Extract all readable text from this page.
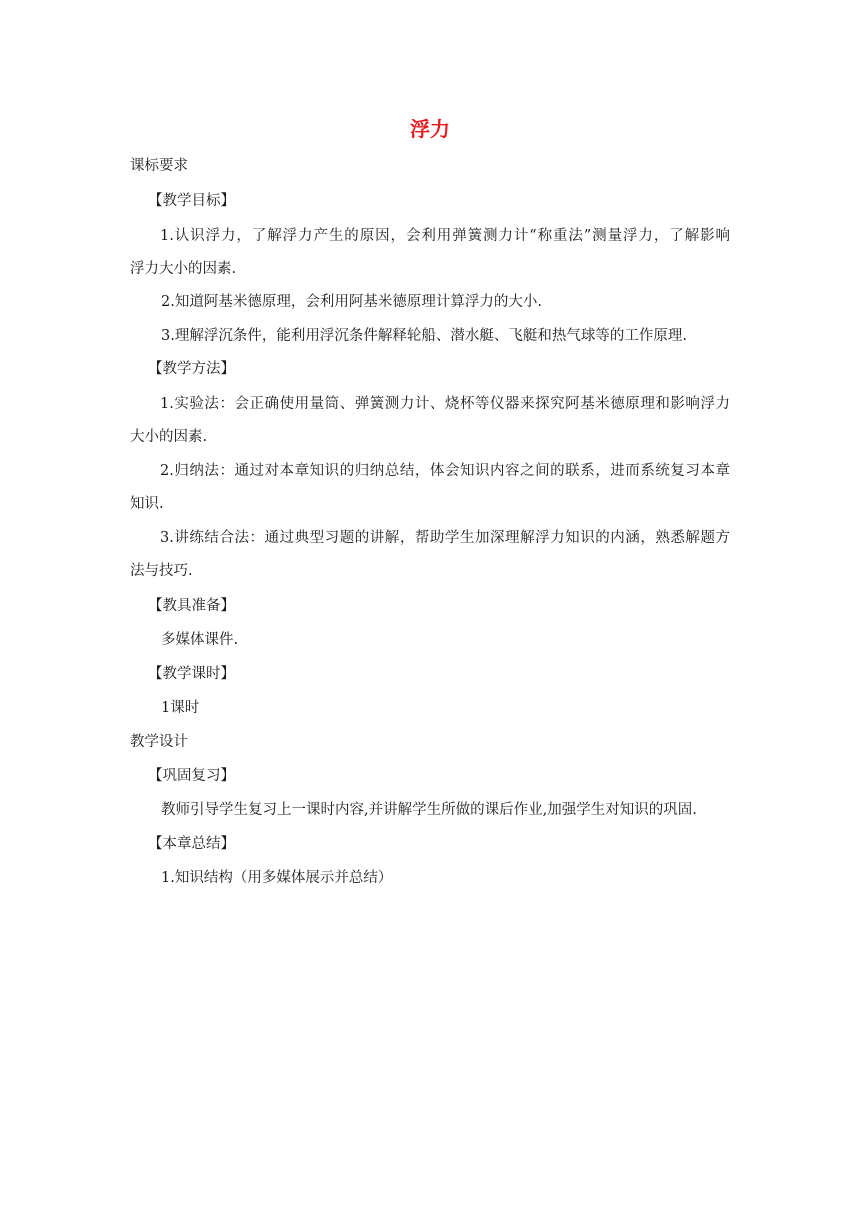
浮力
课标要求
【教学目标】
1.认识浮力，了解浮力产生的原因，会利用弹簧测力计“称重法”测量浮力，了解影响
浮力大小的因素.
2.知道阿基米德原理，会利用阿基米德原理计算浮力的大小.
3.理解浮沉条件，能利用浮沉条件解释轮船、潜水艇、飞艇和热气球等的工作原理.
【教学方法】
1.实验法：会正确使用量筒、弹簧测力计、烧杯等仪器来探究阿基米德原理和影响浮力
大小的因素.
2.归纳法：通过对本章知识的归纳总结，体会知识内容之间的联系，进而系统复习本章
知识.
3.讲练结合法：通过典型习题的讲解，帮助学生加深理解浮力知识的内涵，熟悉解题方
法与技巧.
【教具准备】
多媒体课件.
【教学课时】
1课时
教学设计
【巩固复习】
教师引导学生复习上一课时内容,并讲解学生所做的课后作业,加强学生对知识的巩固.
【本章总结】
1.知识结构（用多媒体展示并总结）
